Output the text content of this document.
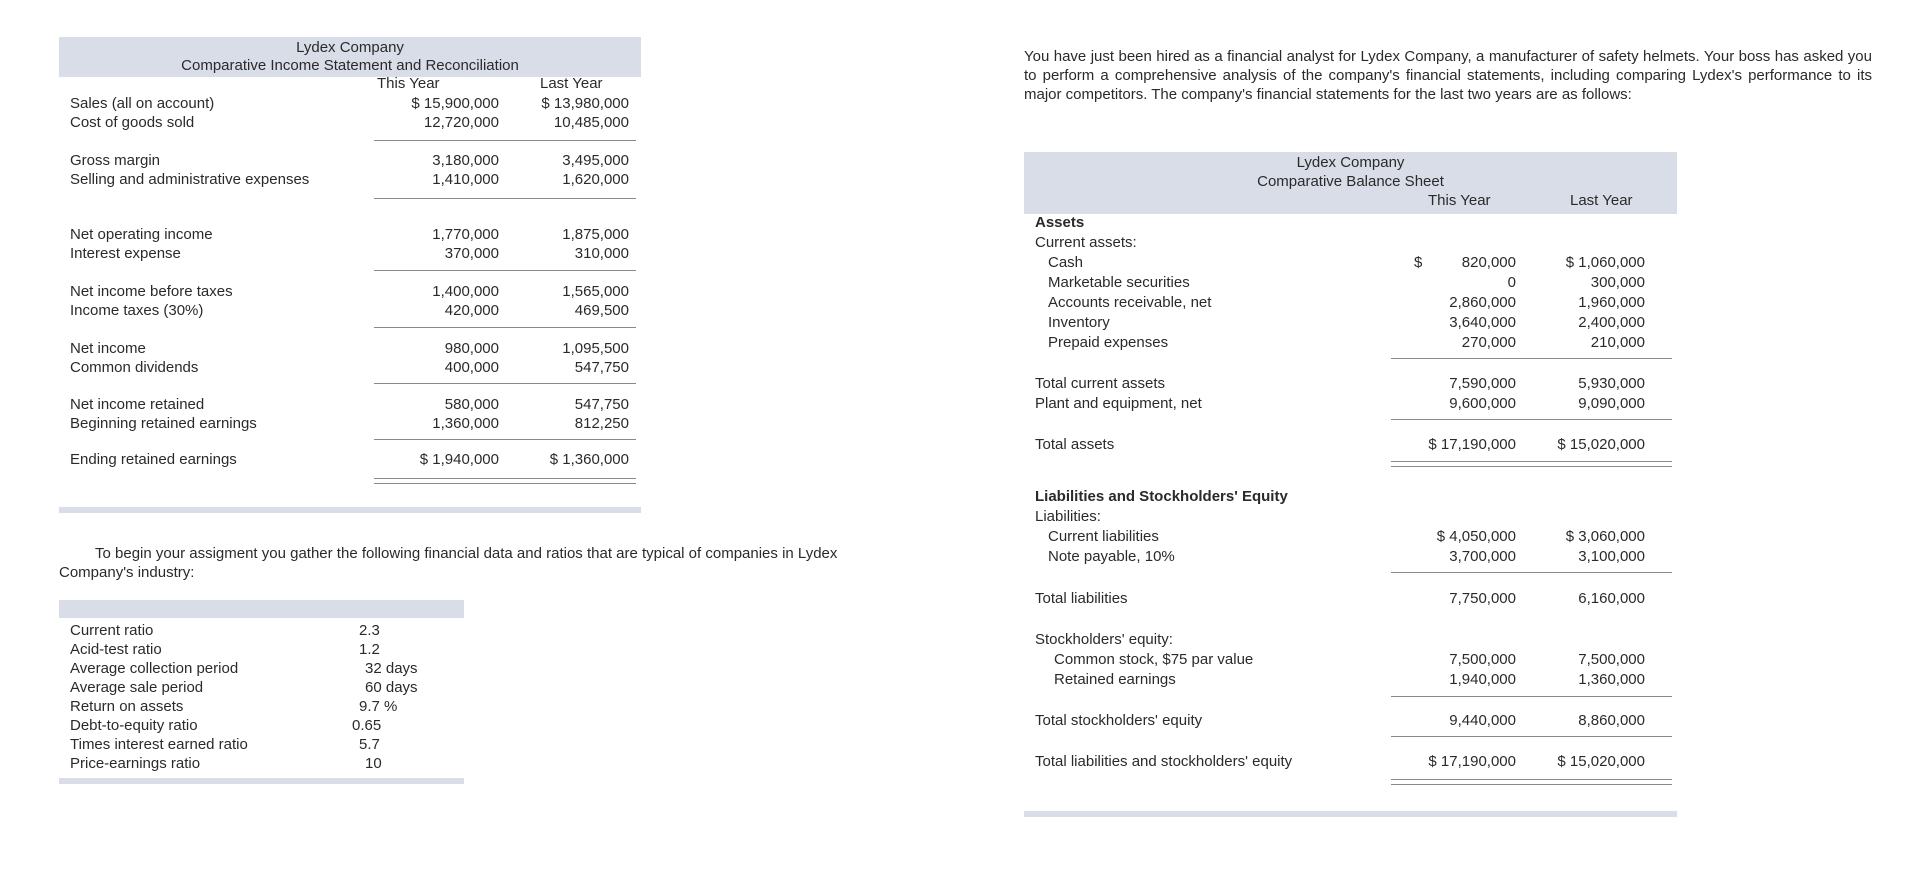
Lydex Company
Comparative Income Statement and Reconciliation
This Year	Last Year
Sales (all on account)	$ 15,900,000	$ 13,980,000
Cost of goods sold	12,720,000	10,485,000
Gross margin	3,180,000	3,495,000
Selling and administrative expenses	1,410,000	1,620,000
Net operating income	1,770,000	1,875,000
Interest expense	370,000	310,000
Net income before taxes	1,400,000	1,565,000
Income taxes (30%)	420,000	469,500
Net income	980,000	1,095,500
Common dividends	400,000	547,750
Net income retained	580,000	547,750
Beginning retained earnings	1,360,000	812,250
Ending retained earnings	$ 1,940,000	$ 1,360,000
To begin your assigment you gather the following financial data and ratios that are typical of companies in Lydex Company's industry:
Current ratio	2.3
Acid-test ratio	1.2
Average collection period	32 days
Average sale period	60 days
Return on assets	9.7 %
Debt-to-equity ratio	0.65
Times interest earned ratio	5.7
Price-earnings ratio	10
You have just been hired as a financial analyst for Lydex Company, a manufacturer of safety helmets. Your boss has asked you to perform a comprehensive analysis of the company's financial statements, including comparing Lydex's performance to its major competitors. The company's financial statements for the last two years are as follows:
Lydex Company
Comparative Balance Sheet
This Year	Last Year
Assets
Current assets:
Cash	$	820,000	$ 1,060,000
Marketable securities	0	300,000
Accounts receivable, net	2,860,000	1,960,000
Inventory	3,640,000	2,400,000
Prepaid expenses	270,000	210,000
Total current assets	7,590,000	5,930,000
Plant and equipment, net	9,600,000	9,090,000
Total assets	$ 17,190,000	$ 15,020,000
Liabilities and Stockholders' Equity
Liabilities:
Current liabilities	$ 4,050,000	$ 3,060,000
Note payable, 10%	3,700,000	3,100,000
Total liabilities	7,750,000	6,160,000
Stockholders' equity:
Common stock, $75 par value	7,500,000	7,500,000
Retained earnings	1,940,000	1,360,000
Total stockholders' equity	9,440,000	8,860,000
Total liabilities and stockholders' equity	$ 17,190,000	$ 15,020,000
